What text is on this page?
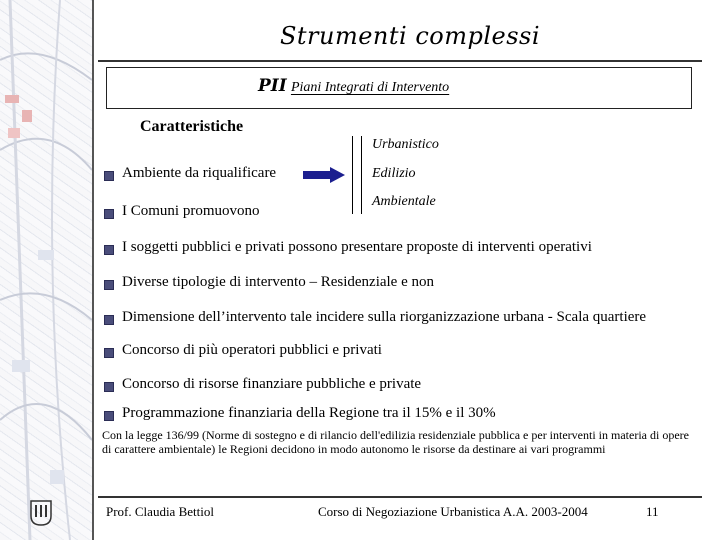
Strumenti complessi
PII Piani Integrati di Intervento
Caratteristiche
Ambiente da riqualificare
I Comuni promuovono
Urbanistico
Edilizio
Ambientale
I soggetti pubblici e privati possono presentare proposte di interventi operativi
Diverse tipologie di intervento – Residenziale e non
Dimensione dell’intervento tale incidere sulla riorganizzazione urbana - Scala quartiere
Concorso di più operatori pubblici e privati
Concorso di risorse finanziare pubbliche e private
Programmazione finanziaria della Regione tra il 15% e il 30%
Con la legge 136/99 (Norme di sostegno e di rilancio dell'edilizia residenziale pubblica e per interventi in materia di opere di carattere ambientale) le Regioni decidono in modo autonomo le risorse da destinare ai vari programmi
Prof. Claudia Bettiol	Corso di Negoziazione Urbanistica A.A. 2003-2004	11
